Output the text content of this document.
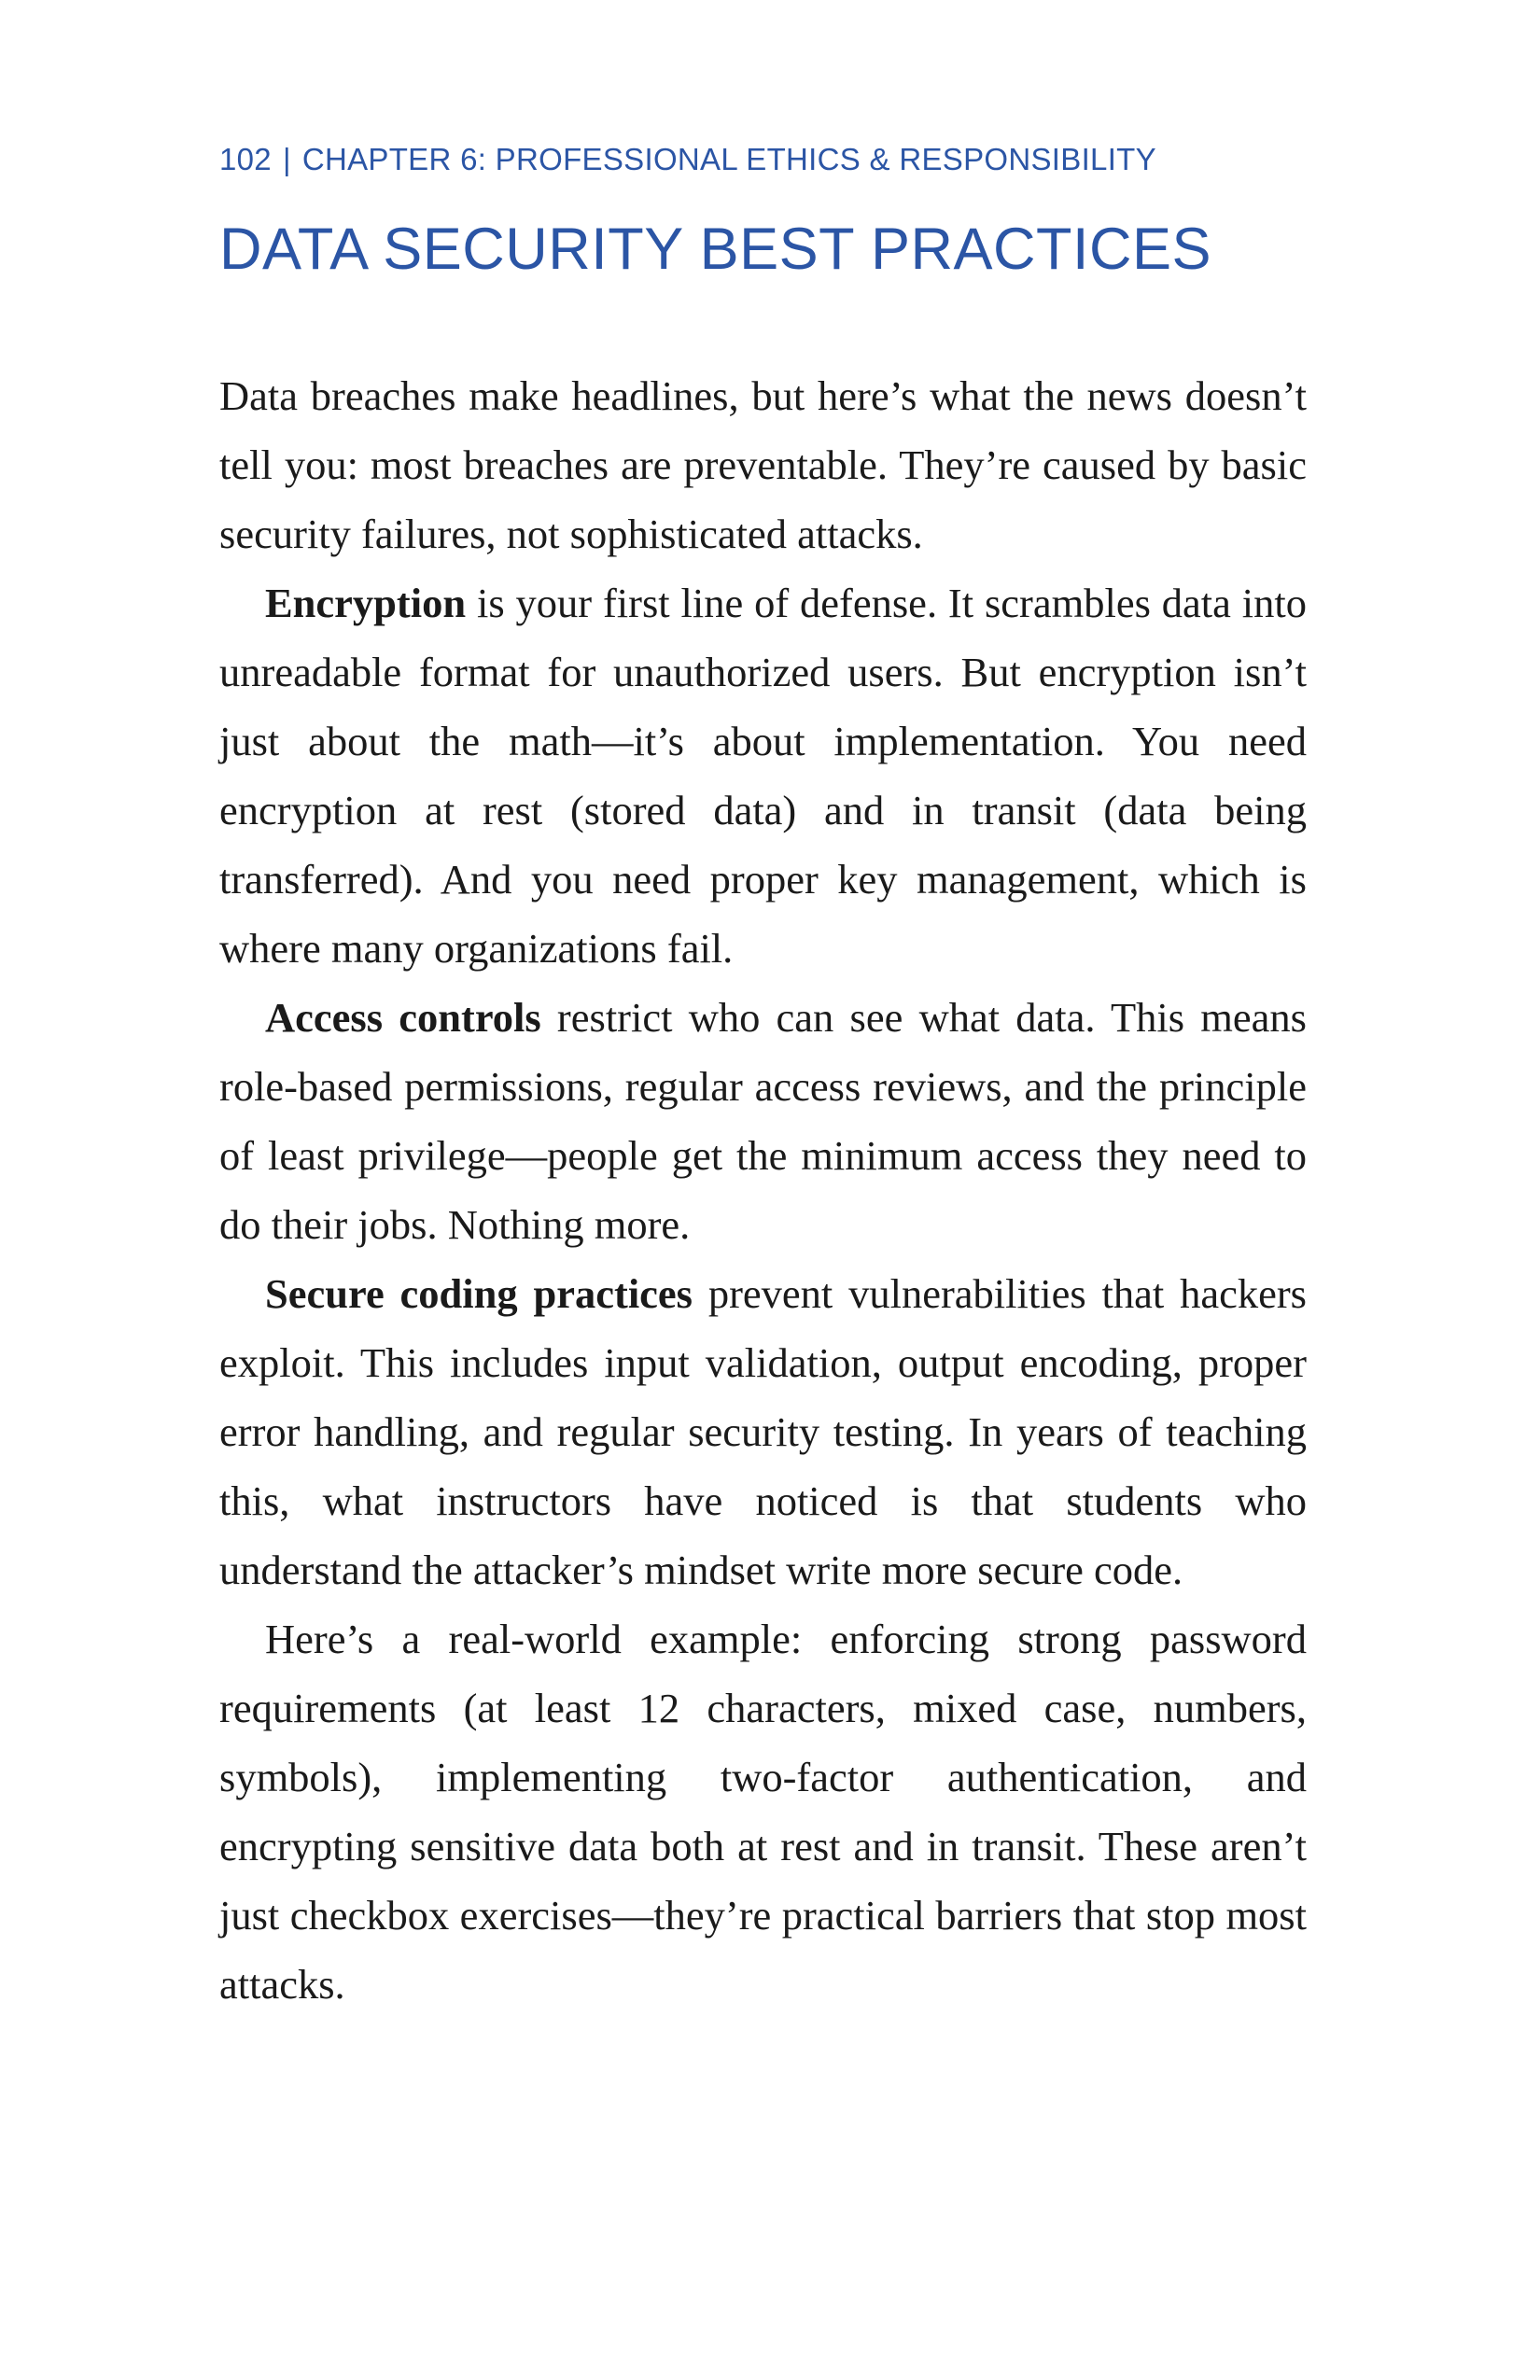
102 | CHAPTER 6: PROFESSIONAL ETHICS & RESPONSIBILITY
DATA SECURITY BEST PRACTICES

Data breaches make headlines, but here’s what the news doesn’t tell you: most breaches are preventable. They’re caused by basic security failures, not sophisticated attacks.

Encryption is your first line of defense. It scrambles data into unreadable format for unauthorized users. But encryption isn’t just about the math—it’s about implementation. You need encryption at rest (stored data) and in transit (data being transferred). And you need proper key management, which is where many organizations fail.

Access controls restrict who can see what data. This means role-based permissions, regular access reviews, and the principle of least privilege—people get the minimum access they need to do their jobs. Nothing more.

Secure coding practices prevent vulnerabilities that hackers exploit. This includes input validation, output encoding, proper error handling, and regular security testing. In years of teaching this, what instructors have noticed is that students who understand the attacker’s mindset write more secure code.

Here’s a real-world example: enforcing strong password requirements (at least 12 characters, mixed case, numbers, symbols), implementing two-factor authentication, and encrypting sensitive data both at rest and in transit. These aren’t just checkbox exercises—they’re practical barriers that stop most attacks.
